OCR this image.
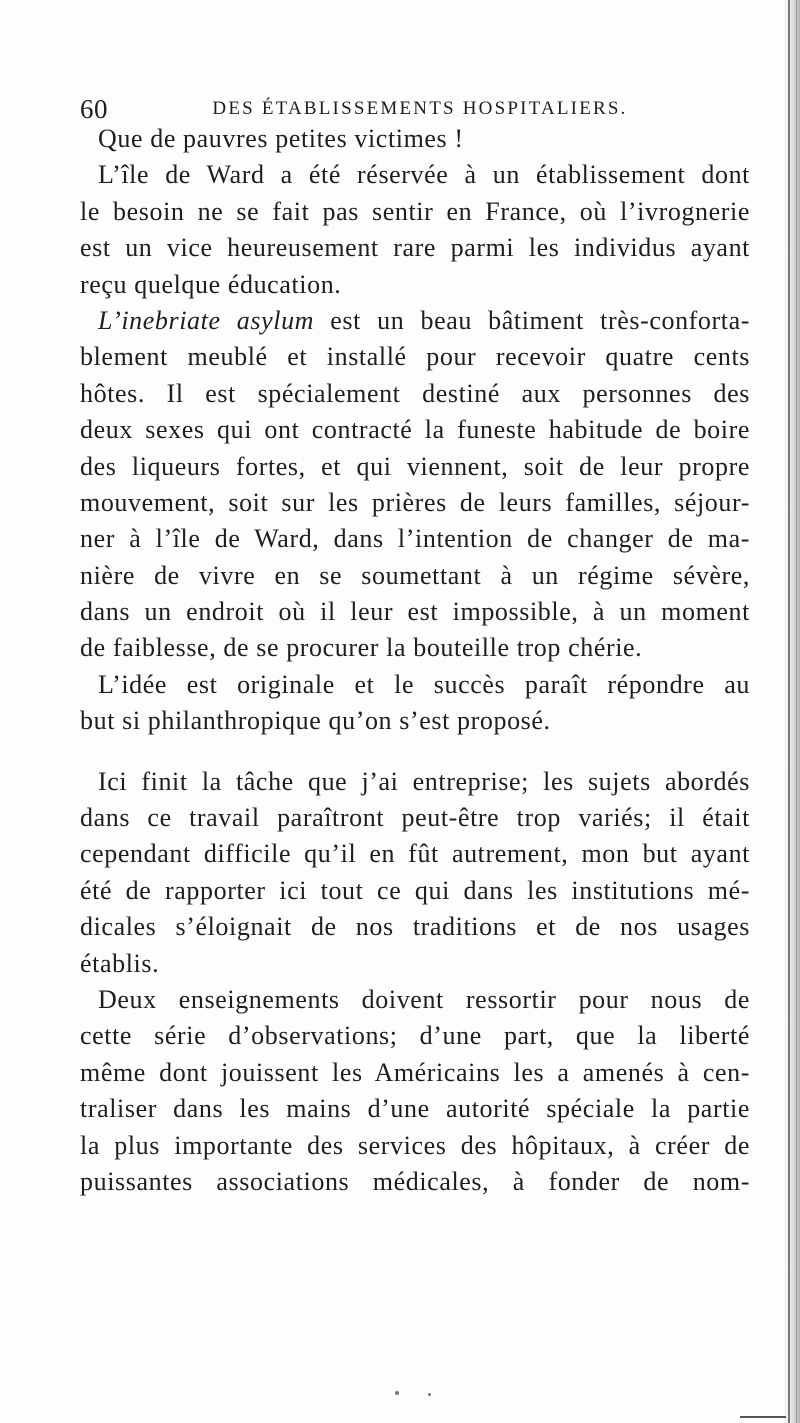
60	DES ÉTABLISSEMENTS HOSPITALIERS.
Que de pauvres petites victimes !
L’île de Ward a été réservée à un établissement dont
le besoin ne se fait pas sentir en France, où l’ivrognerie
est un vice heureusement rare parmi les individus ayant
reçu quelque éducation.
L’inebriate asylum est un beau bâtiment très-conforta-
blement meublé et installé pour recevoir quatre cents
hôtes. Il est spécialement destiné aux personnes des
deux sexes qui ont contracté la funeste habitude de boire
des liqueurs fortes, et qui viennent, soit de leur propre
mouvement, soit sur les prières de leurs familles, séjour-
ner à l’île de Ward, dans l’intention de changer de ma-
nière de vivre en se soumettant à un régime sévère,
dans un endroit où il leur est impossible, à un moment
de faiblesse, de se procurer la bouteille trop chérie.
L’idée est originale et le succès paraît répondre au
but si philanthropique qu’on s’est proposé.
Ici finit la tâche que j’ai entreprise; les sujets abordés
dans ce travail paraîtront peut-être trop variés; il était
cependant difficile qu’il en fût autrement, mon but ayant
été de rapporter ici tout ce qui dans les institutions mé-
dicales s’éloignait de nos traditions et de nos usages
établis.
Deux enseignements doivent ressortir pour nous de
cette série d’observations; d’une part, que la liberté
même dont jouissent les Américains les a amenés à cen-
traliser dans les mains d’une autorité spéciale la partie
la plus importante des services des hôpitaux, à créer de
puissantes associations médicales, à fonder de nom-
